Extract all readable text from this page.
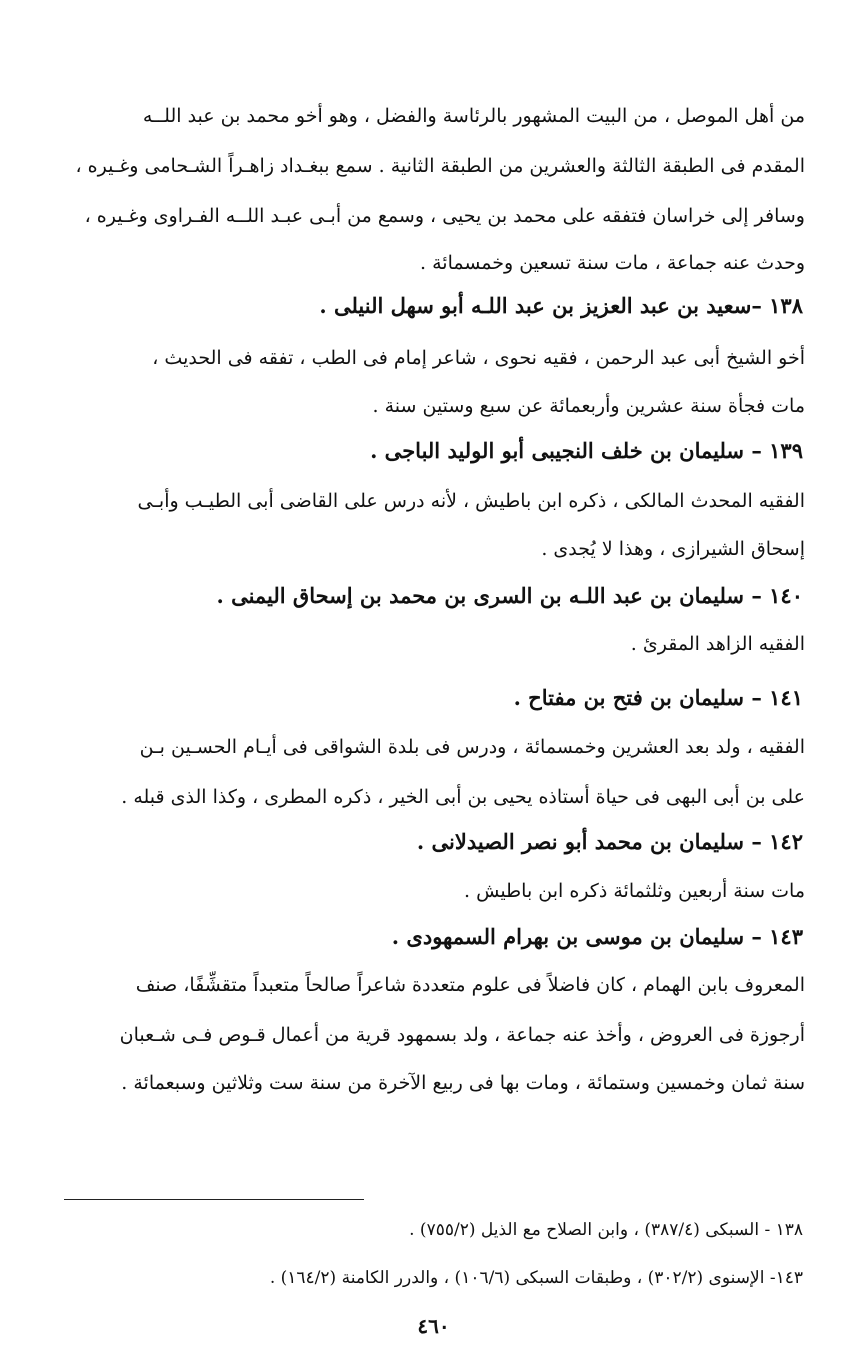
من أهل الموصل ، من البيت المشهور بالرئاسة والفضل ، وهو أخو محمد بن عبد اللــه
المقدم فى الطبقة الثالثة والعشرين من الطبقة الثانية . سمع ببغـداد زاهـراً الشـحامى وغـيره ،
وسافر إلى خراسان فتفقه على محمد بن يحيى ، وسمع من أبـى عبـد اللــه الفـراوى وغـيره ،
وحدث عنه جماعة ، مات سنة تسعين وخمسمائة .
١٣٨ –سعيد بن عبد العزيز بن عبد اللـه أبو سهل النيلى .
أخو الشيخ أبى عبد الرحمن ، فقيه نحوى ، شاعر إمام فى الطب ، تفقه فى الحديث ،
مات فجأة سنة عشرين وأربعمائة عن سبع وستين سنة .
١٣٩ – سليمان بن خلف النجيبى أبو الوليد الباجى .
الفقيه المحدث المالكى ، ذكره ابن باطيش ، لأنه درس على القاضى أبى الطيـب وأبـى
إسحاق الشيرازى ، وهذا لا يُجدى .
١٤٠ – سليمان بن عبد اللـه بن السرى بن محمد بن إسحاق اليمنى .
الفقيه الزاهد المقرئ .
١٤١ – سليمان بن فتح بن مفتاح .
الفقيه ، ولد بعد العشرين وخمسمائة ، ودرس فى بلدة الشواقى فى أيـام الحسـين بـن
على بن أبى البهى فى حياة أستاذه يحيى بن أبى الخير ، ذكره المطرى ، وكذا الذى قبله .
١٤٢ – سليمان بن محمد أبو نصر الصيدلانى .
مات سنة أربعين وثلثمائة ذكره ابن باطيش .
١٤٣ – سليمان بن موسى بن بهرام السمهودى .
المعروف بابن الهمام ، كان فاضلاً فى علوم متعددة شاعراً صالحاً متعبداً متقشِّفًا، صنف
أرجوزة فى العروض ، وأخذ عنه جماعة ، ولد بسمهود قرية من أعمال قـوص فـى شـعبان
سنة ثمان وخمسين وستمائة ، ومات بها فى ربيع الآخرة من سنة ست وثلاثين وسبعمائة .
١٣٨ - السبكى (٣٨٧/٤) ، وابن الصلاح مع الذيل (٧٥٥/٢) .
١٤٣- الإسنوى (٣٠٢/٢) ، وطبقات السبكى (١٠٦/٦) ، والدرر الكامنة (١٦٤/٢) .
٤٦٠
